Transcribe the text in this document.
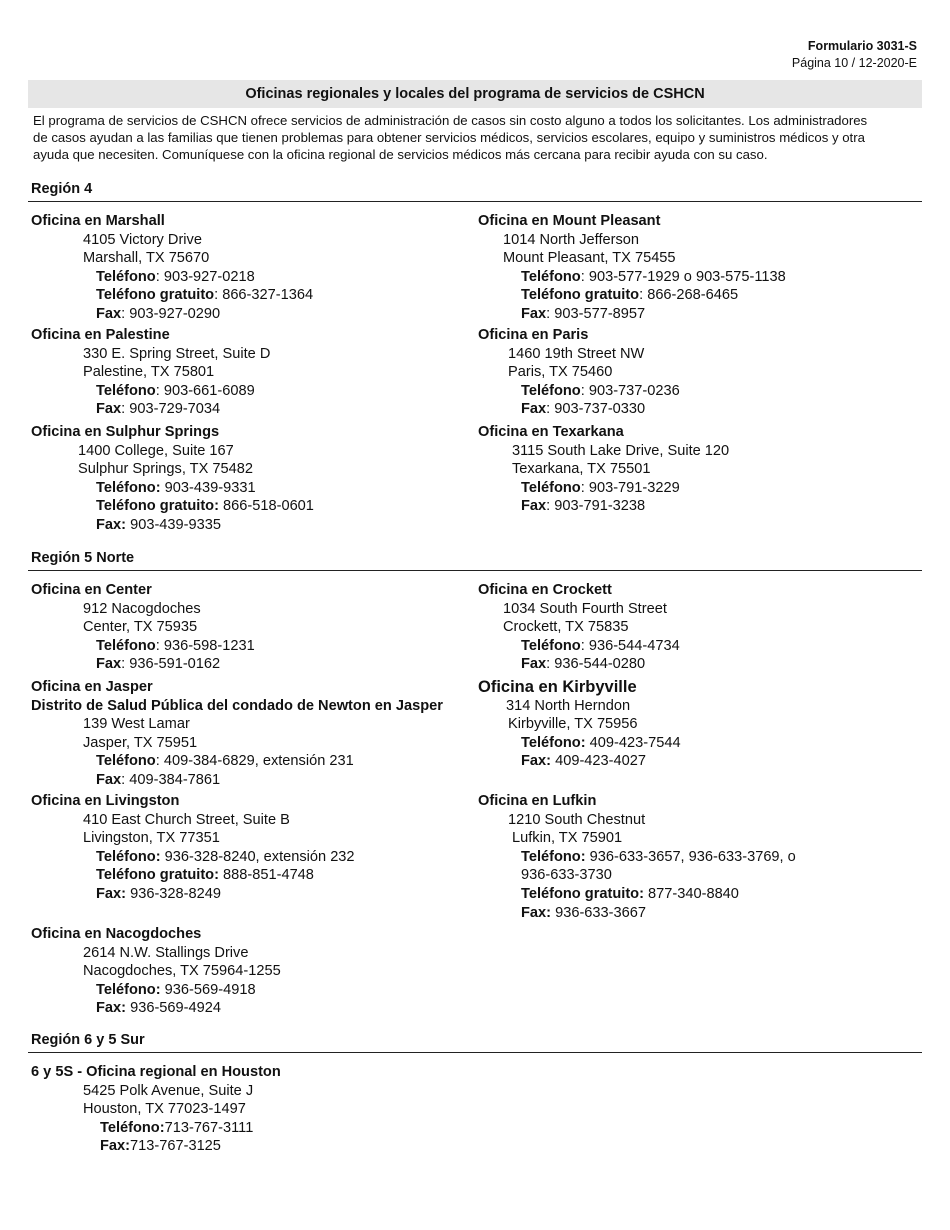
Formulario 3031-S
Página 10 / 12-2020-E
Oficinas regionales y locales del programa de servicios de CSHCN
El programa de servicios de CSHCN ofrece servicios de administración de casos sin costo alguno a todos los solicitantes. Los administradores
de casos ayudan a las familias que tienen problemas para obtener servicios médicos, servicios escolares, equipo y suministros médicos y otra
ayuda que necesiten. Comuníquese con la oficina regional de servicios médicos más cercana para recibir ayuda con su caso.
Región 4
Oficina en Marshall
4105 Victory Drive
Marshall, TX 75670
Teléfono: 903-927-0218
Teléfono gratuito: 866-327-1364
Fax: 903-927-0290
Oficina en Mount Pleasant
1014 North Jefferson
Mount Pleasant, TX 75455
Teléfono: 903-577-1929 o 903-575-1138
Teléfono gratuito: 866-268-6465
Fax: 903-577-8957
Oficina en Palestine
330 E. Spring Street, Suite D
Palestine, TX 75801
Teléfono: 903-661-6089
Fax: 903-729-7034
Oficina en Paris
1460 19th Street NW
Paris, TX 75460
Teléfono: 903-737-0236
Fax: 903-737-0330
Oficina en Sulphur Springs
1400 College, Suite 167
Sulphur Springs, TX 75482
Teléfono: 903-439-9331
Teléfono gratuito: 866-518-0601
Fax: 903-439-9335
Oficina en Texarkana
3115 South Lake Drive, Suite 120
Texarkana, TX 75501
Teléfono: 903-791-3229
Fax: 903-791-3238
Región 5 Norte
Oficina en Center
912 Nacogdoches
Center, TX 75935
Teléfono: 936-598-1231
Fax: 936-591-0162
Oficina en Crockett
1034 South Fourth Street
Crockett, TX 75835
Teléfono: 936-544-4734
Fax: 936-544-0280
Oficina en Jasper
Distrito de Salud Pública del condado de Newton en Jasper
139 West Lamar
Jasper, TX 75951
Teléfono: 409-384-6829, extensión 231
Fax: 409-384-7861
Oficina en Kirbyville
314 North Herndon
Kirbyville, TX 75956
Teléfono: 409-423-7544
Fax: 409-423-4027
Oficina en Livingston
410 East Church Street, Suite B
Livingston, TX 77351
Teléfono: 936-328-8240, extensión 232
Teléfono gratuito: 888-851-4748
Fax: 936-328-8249
Oficina en Lufkin
1210 South Chestnut
Lufkin, TX 75901
Teléfono: 936-633-3657, 936-633-3769, o
936-633-3730
Teléfono gratuito: 877-340-8840
Fax: 936-633-3667
Oficina en Nacogdoches
2614 N.W. Stallings Drive
Nacogdoches, TX 75964-1255
Teléfono: 936-569-4918
Fax: 936-569-4924
Región 6 y 5 Sur
6 y 5S - Oficina regional en Houston
5425 Polk Avenue, Suite J
Houston, TX 77023-1497
Teléfono:713-767-3111
Fax:713-767-3125
